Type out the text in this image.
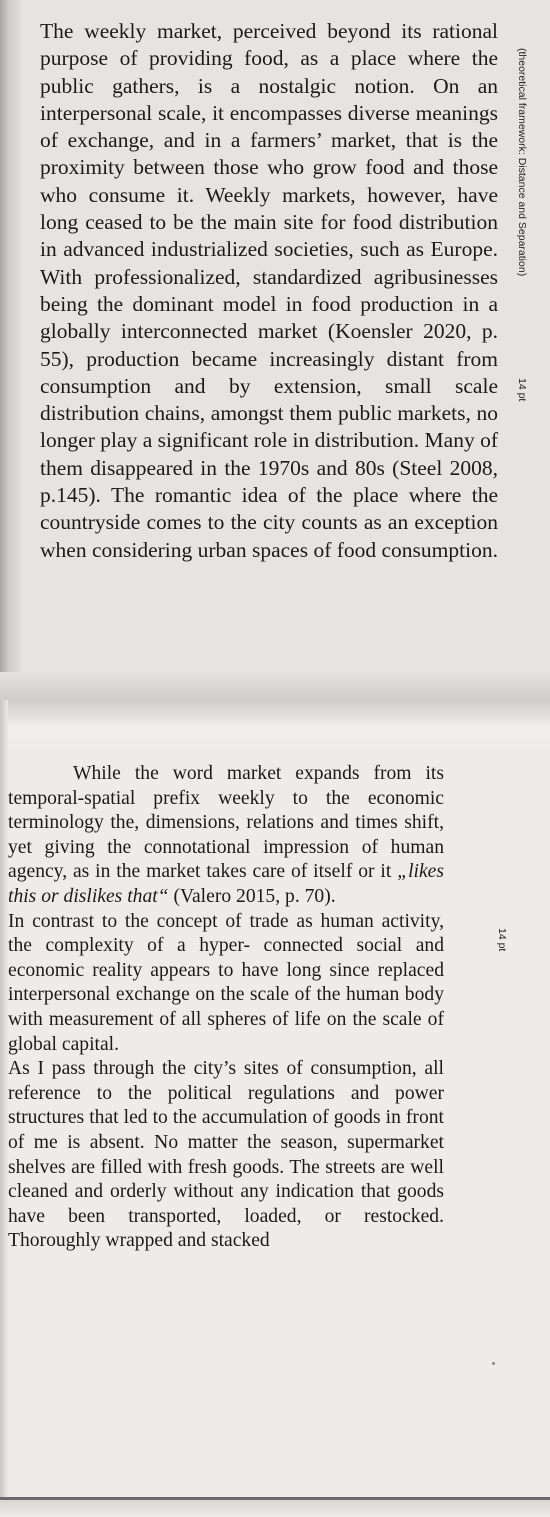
The weekly market, perceived beyond its rational purpose of providing food, as a place where the public gathers, is a nostalgic notion. On an interpersonal scale, it encompasses diverse meanings of exchange, and in a farmers’ market, that is the proximity between those who grow food and those who consume it. Weekly markets, however, have long ceased to be the main site for food distribution in advanced industrialized societies, such as Europe. With professionalized, standardized agribusinesses being the dominant model in food production in a globally interconnected market (Koensler 2020, p. 55), production became increasingly distant from consumption and by extension, small scale distribution chains, amongst them public markets, no longer play a significant role in distribution. Many of them disappeared in the 1970s and 80s (Steel 2008, p.145). The romantic idea of the place where the countryside comes to the city counts as an exception when considering urban spaces of food consumption.

While the word market expands from its temporal-spatial prefix weekly to the economic terminology the, dimensions, relations and times shift, yet giving the connotational impression of human agency, as in the market takes care of itself or it „likes this or dislikes that“ (Valero 2015, p. 70).

In contrast to the concept of trade as human activity, the complexity of a hyper- connected social and economic reality appears to have long since replaced interpersonal exchange on the scale of the human body with measurement of all spheres of life on the scale of global capital.

As I pass through the city’s sites of consumption, all reference to the political regulations and power structures that led to the accumulation of goods in front of me is absent. No matter the season, supermarket shelves are filled with fresh goods. The streets are well cleaned and orderly without any indication that goods have been transported, loaded, or restocked. Thoroughly wrapped and stacked

(theoretical framework: Distance and Separation)
14 pt
14 pt
